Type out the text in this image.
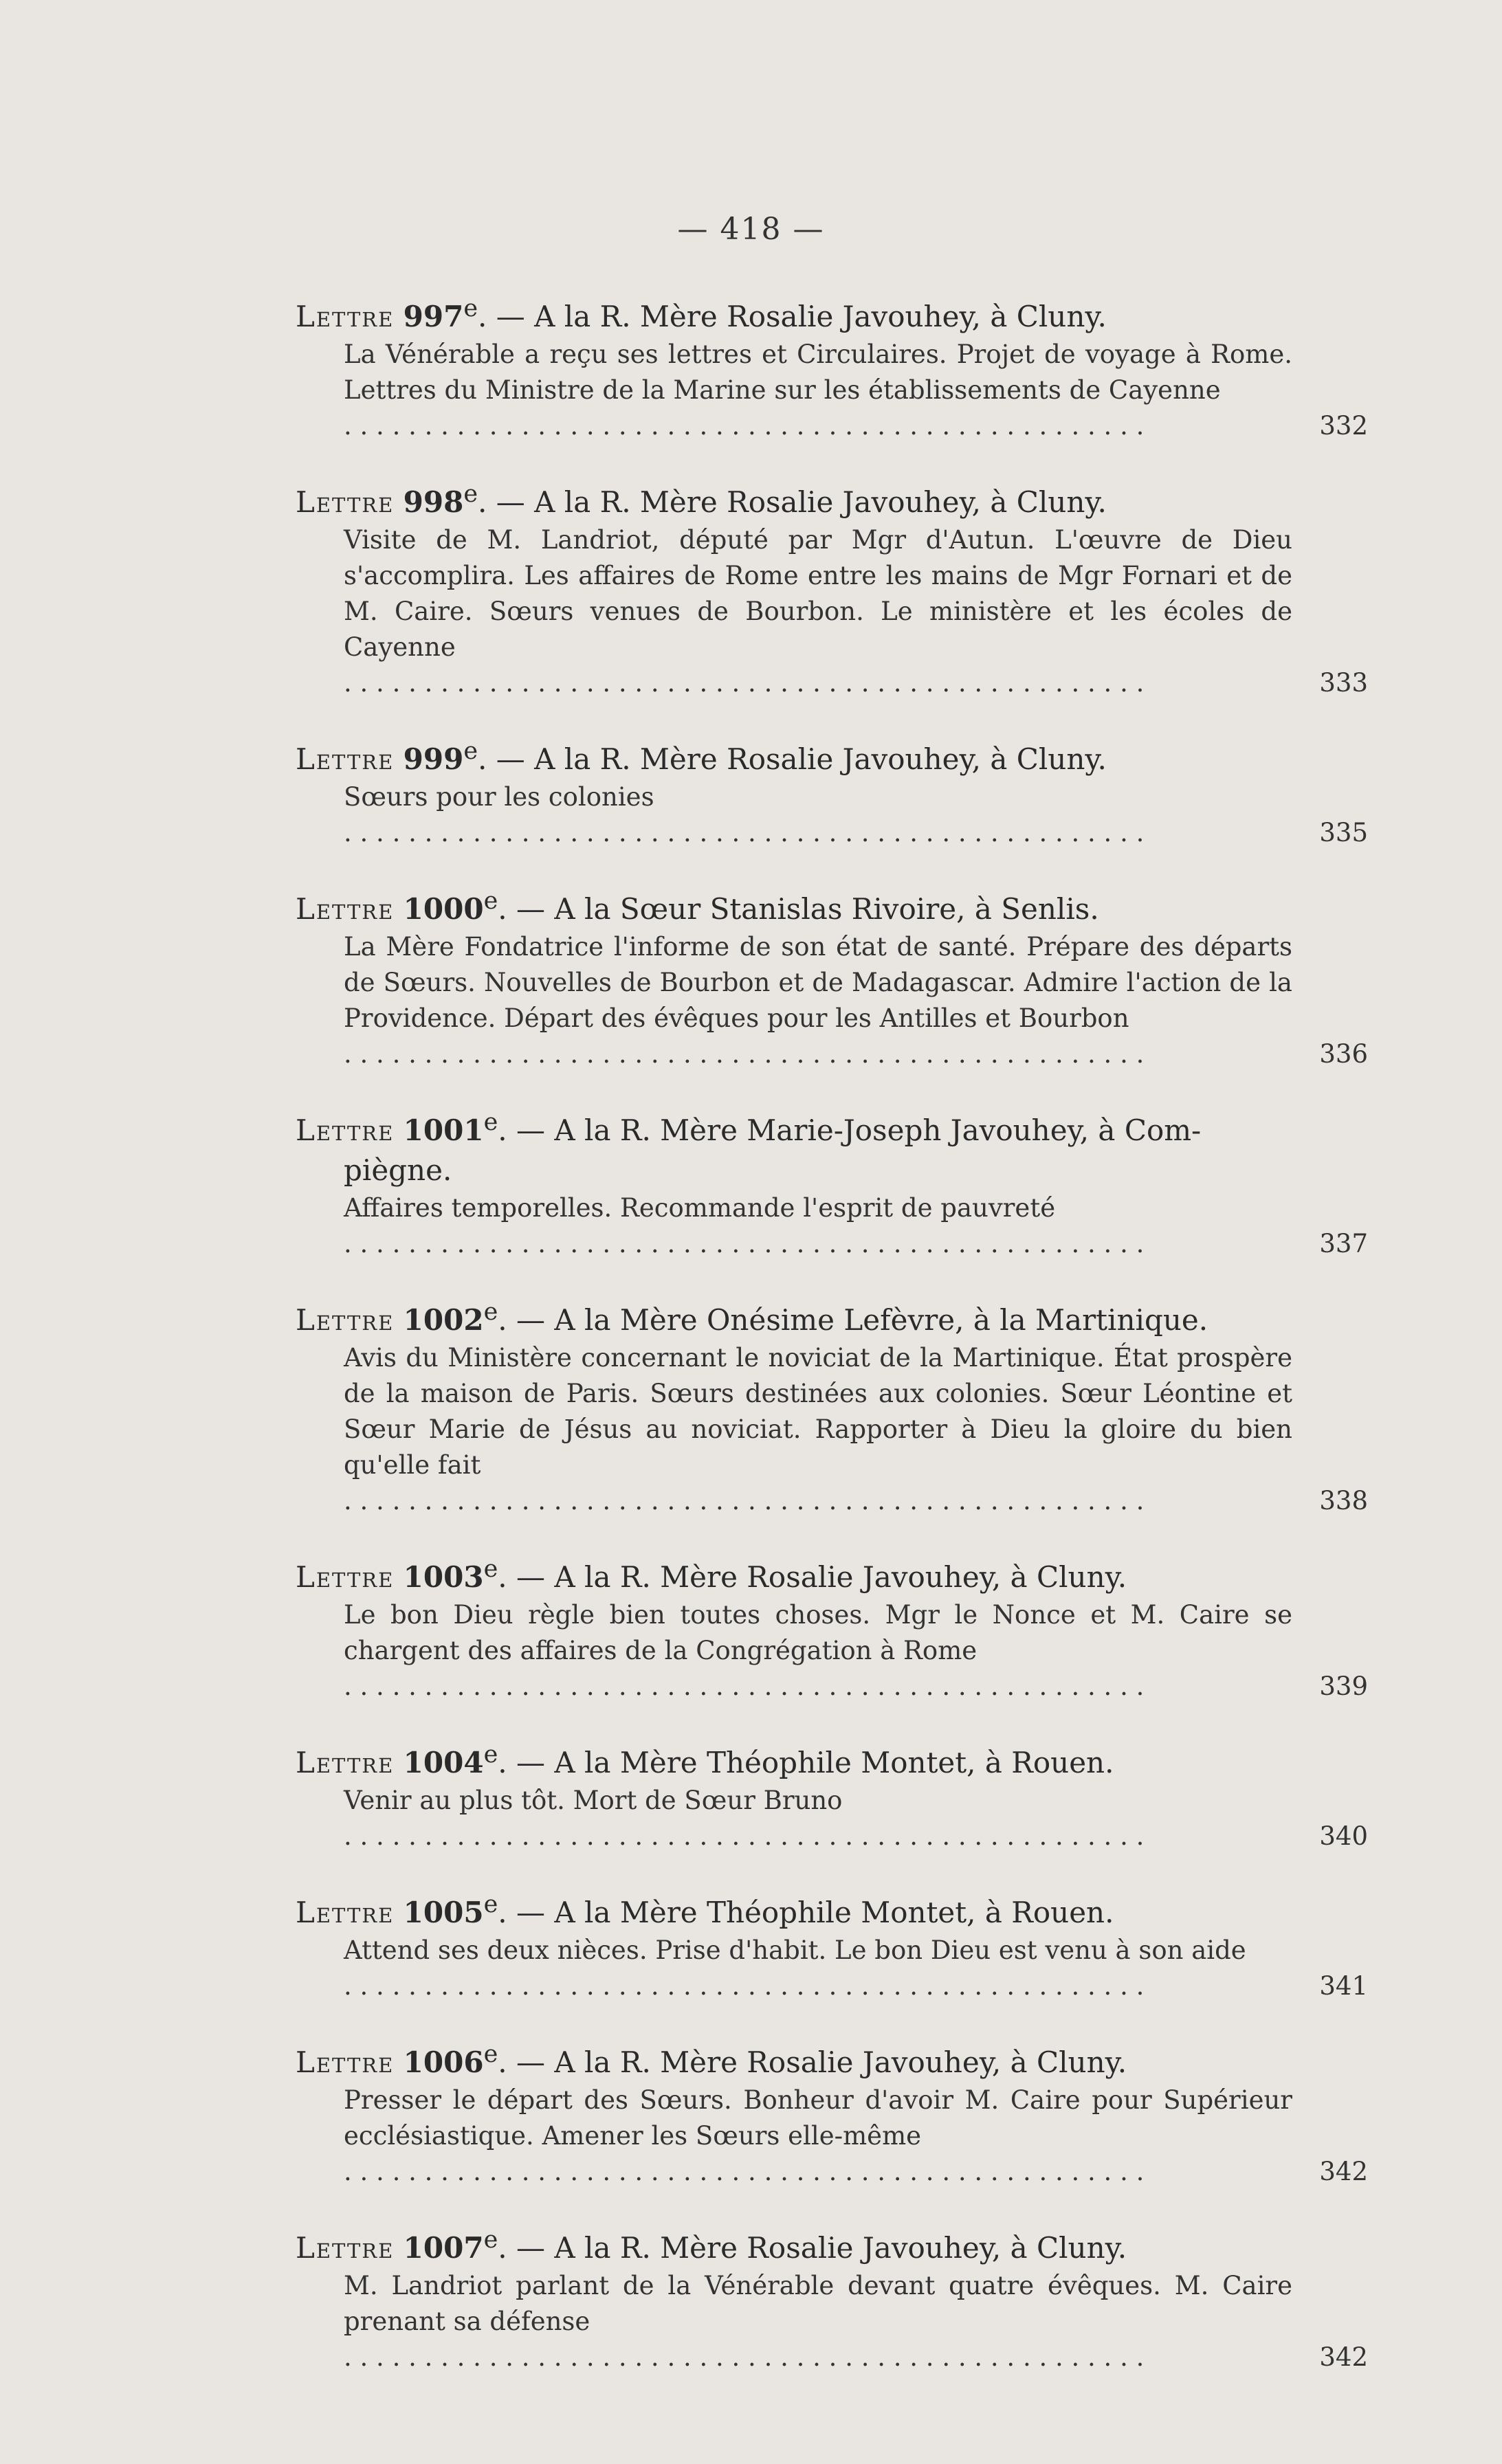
— 418 —

Lettre 997e. — A la R. Mère Rosalie Javouhey, à Cluny.

La Vénérable a reçu ses lettres et Circulaires. Projet de voyage à Rome. Lettres du Ministre de la Marine sur les établissements de Cayenne
. . .
332

Lettre 998e. — A la R. Mère Rosalie Javouhey, à Cluny.

Visite de M. Landriot, député par Mgr d'Autun. L'œuvre de Dieu s'accomplira. Les affaires de Rome entre les mains de Mgr Fornari et de M. Caire. Sœurs venues de Bourbon. Le ministère et les écoles de Cayenne
. . .
333

Lettre 999e. — A la R. Mère Rosalie Javouhey, à Cluny.

Sœurs pour les colonies
. . .
335

Lettre 1000e. — A la Sœur Stanislas Rivoire, à Senlis.

La Mère Fondatrice l'informe de son état de santé. Prépare des départs de Sœurs. Nouvelles de Bourbon et de Madagascar. Admire l'action de la Providence. Départ des évêques pour les Antilles et Bourbon
. . .
336

Lettre 1001e. — A la R. Mère Marie-Joseph Javouhey, à Com-
piègne.

Affaires temporelles. Recommande l'esprit de pauvreté
. . .
337

Lettre 1002e. — A la Mère Onésime Lefèvre, à la Martinique.

Avis du Ministère concernant le noviciat de la Martinique. État prospère de la maison de Paris. Sœurs destinées aux colonies. Sœur Léontine et Sœur Marie de Jésus au noviciat. Rapporter à Dieu la gloire du bien qu'elle fait
. . .
338

Lettre 1003e. — A la R. Mère Rosalie Javouhey, à Cluny.

Le bon Dieu règle bien toutes choses. Mgr le Nonce et M. Caire se chargent des affaires de la Congrégation à Rome
. . .
339

Lettre 1004e. — A la Mère Théophile Montet, à Rouen.

Venir au plus tôt. Mort de Sœur Bruno
. . .
340

Lettre 1005e. — A la Mère Théophile Montet, à Rouen.

Attend ses deux nièces. Prise d'habit. Le bon Dieu est venu à son aide
. . .
341

Lettre 1006e. — A la R. Mère Rosalie Javouhey, à Cluny.

Presser le départ des Sœurs. Bonheur d'avoir M. Caire pour Supérieur ecclésiastique. Amener les Sœurs elle-même
. . .
342

Lettre 1007e. — A la R. Mère Rosalie Javouhey, à Cluny.

M. Landriot parlant de la Vénérable devant quatre évêques. M. Caire prenant sa défense
. . .
342
